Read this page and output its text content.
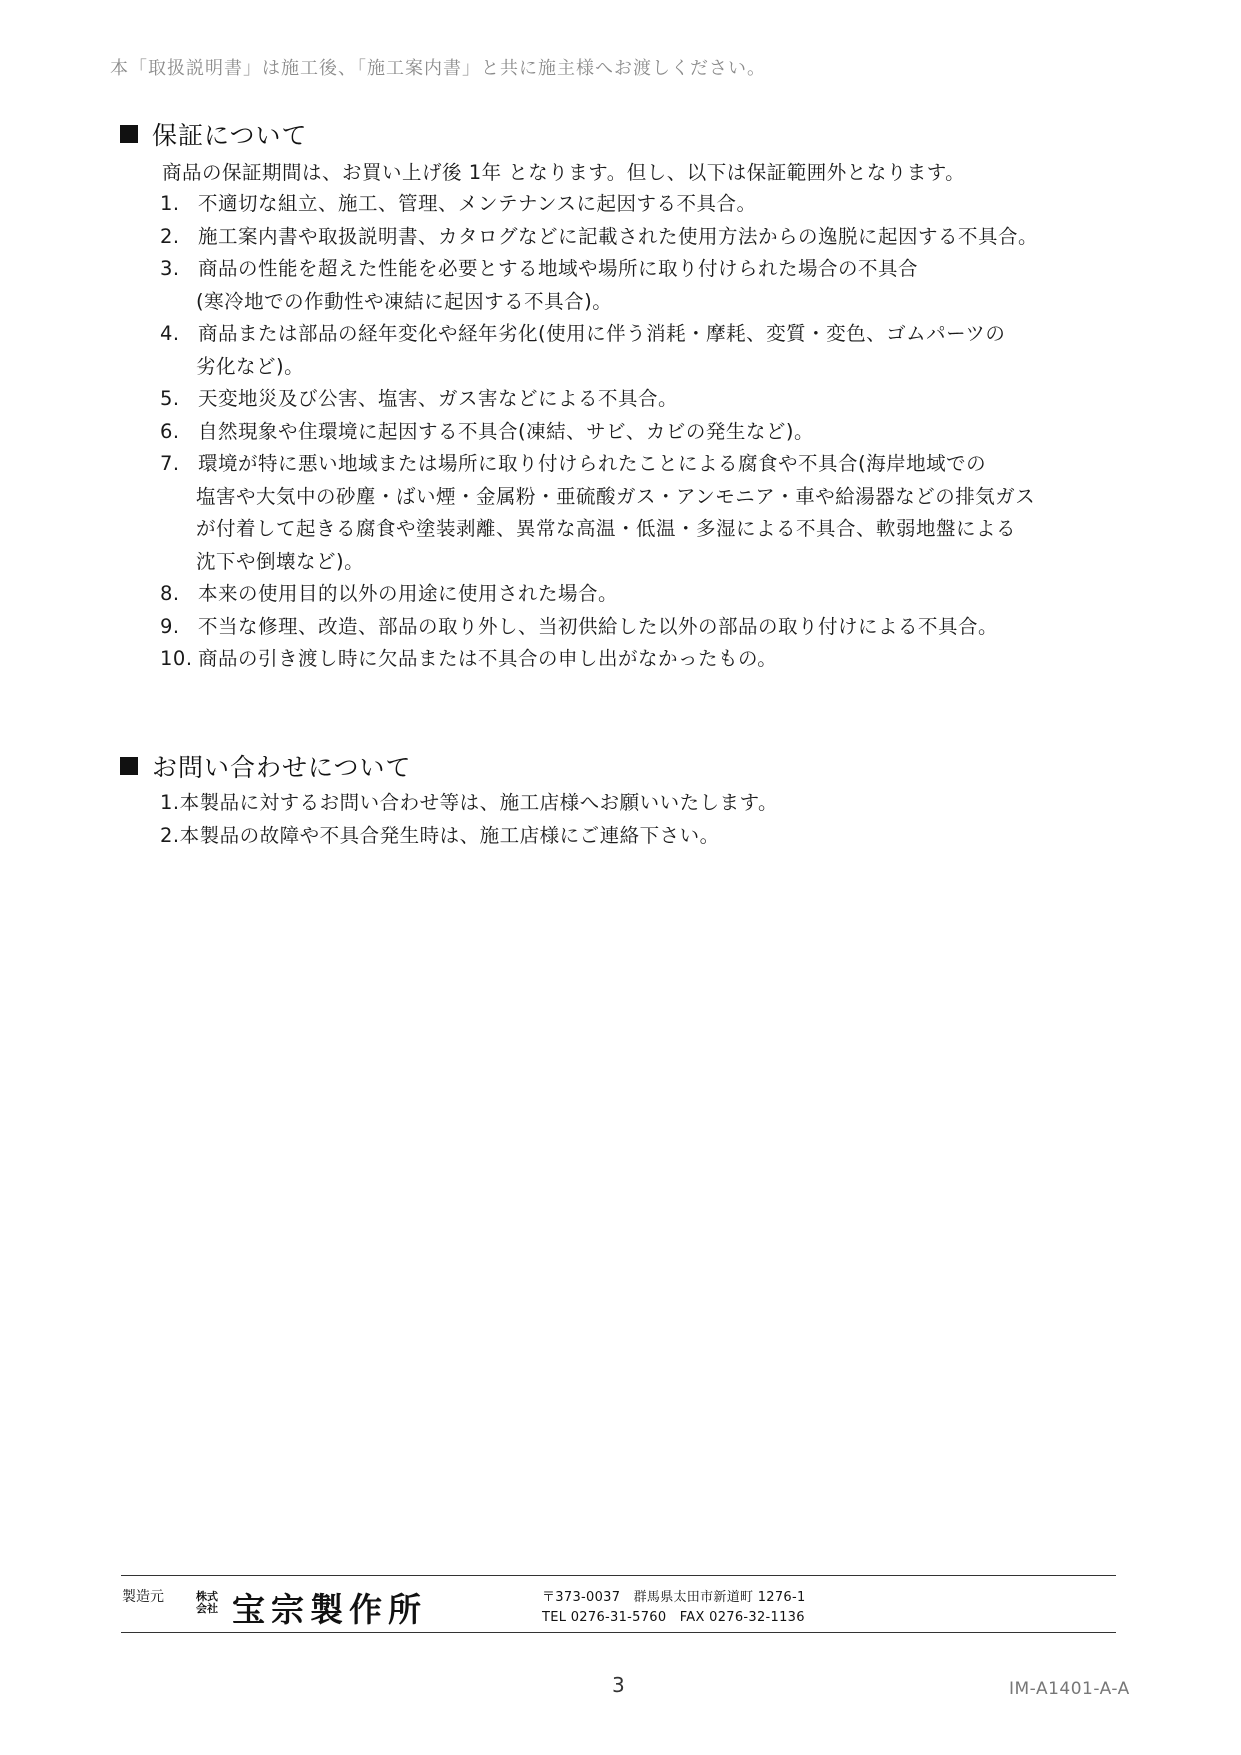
本「取扱説明書」は施工後、「施工案内書」と共に施主様へお渡しください。
保証について
商品の保証期間は、お買い上げ後 1年 となります。但し、以下は保証範囲外となります。
1. 不適切な組立、施工、管理、メンテナンスに起因する不具合。
2. 施工案内書や取扱説明書、カタログなどに記載された使用方法からの逸脱に起因する不具合。
3. 商品の性能を超えた性能を必要とする地域や場所に取り付けられた場合の不具合
(寒冷地での作動性や凍結に起因する不具合)。
4. 商品または部品の経年変化や経年劣化(使用に伴う消耗・摩耗、変質・変色、ゴムパーツの
劣化など)。
5. 天変地災及び公害、塩害、ガス害などによる不具合。
6. 自然現象や住環境に起因する不具合(凍結、サビ、カビの発生など)。
7. 環境が特に悪い地域または場所に取り付けられたことによる腐食や不具合(海岸地域での
塩害や大気中の砂塵・ばい煙・金属粉・亜硫酸ガス・アンモニア・車や給湯器などの排気ガス
が付着して起きる腐食や塗装剥離、異常な高温・低温・多湿による不具合、軟弱地盤による
沈下や倒壊など)。
8. 本来の使用目的以外の用途に使用された場合。
9. 不当な修理、改造、部品の取り外し、当初供給した以外の部品の取り付けによる不具合。
10. 商品の引き渡し時に欠品または不具合の申し出がなかったもの。
お問い合わせについて
1.本製品に対するお問い合わせ等は、施工店様へお願いいたします。
2.本製品の故障や不具合発生時は、施工店様にご連絡下さい。
製造元	株式会社 宝宗製作所	〒373-0037　群馬県太田市新道町 1276-1
TEL 0276-31-5760　FAX 0276-32-1136
3	IM-A1401-A-A
